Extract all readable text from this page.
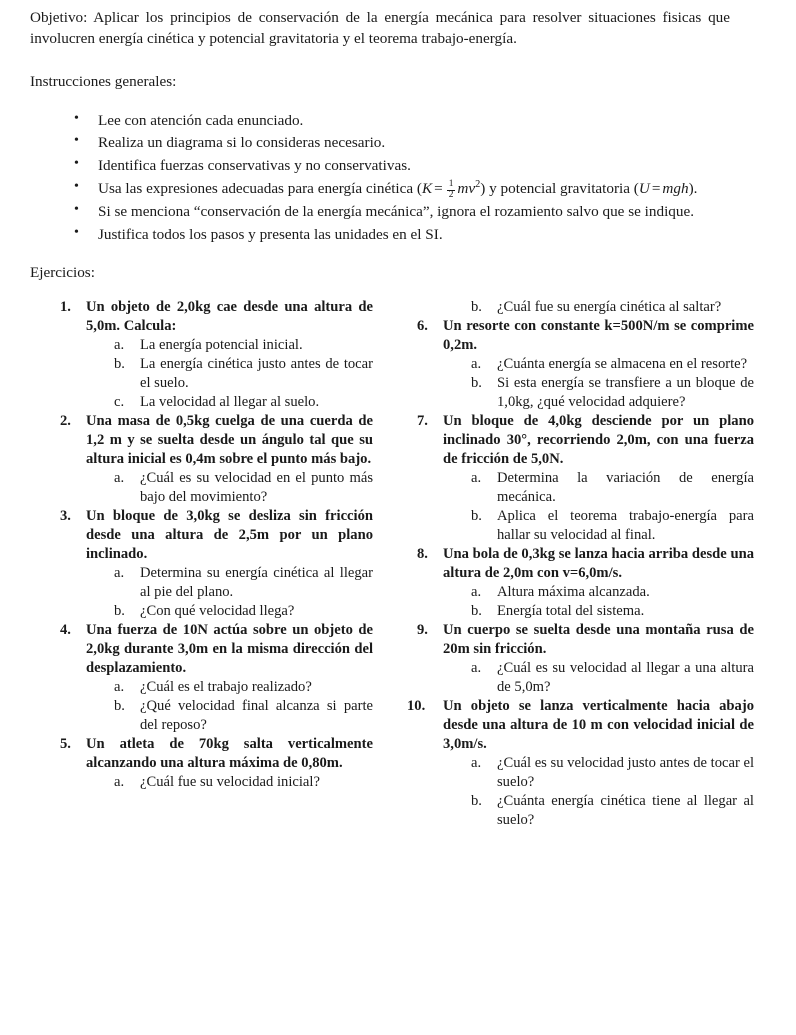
Objetivo: Aplicar los principios de conservación de la energía mecánica para resolver situaciones fisicas que involucren energía cinética y potencial gravitatoria y el teorema trabajo-energía.

Instrucciones generales:

• Lee con atención cada enunciado.
• Realiza un diagrama si lo consideras necesario.
• Identifica fuerzas conservativas y no conservativas.
• Usa las expresiones adecuadas para energía cinética $(K = \frac{1}{2} mv^2)$ y potencial gravitatoria (U = mgh).
• Si se menciona “conservación de la energía mecánica”, ignora el rozamiento salvo que se indique.
• Justifica todos los pasos y presenta las unidades en el SI.

Ejercicios:

1.	Un objeto de 2,0kg cae desde una altura de 5,0m. Calcula:
a.	La energía potencial inicial.
b.	La energía cinética justo antes de tocar el suelo.
c.	La velocidad al llegar al suelo.
2.	Una masa de 0,5kg cuelga de una cuerda de 1,2 m y se suelta desde un ángulo tal que su altura inicial es 0,4m sobre el punto más bajo.
a.	¿Cuál es su velocidad en el punto más bajo del movimiento?
3.	Un bloque de 3,0kg se desliza sin fricción desde una altura de 2,5m por un plano inclinado.
a.	Determina su energía cinética al llegar al pie del plano.
b.	¿Con qué velocidad llega?
4.	Una fuerza de 10N actúa sobre un objeto de 2,0kg durante 3,0m en la misma dirección del desplazamiento.
a.	¿Cuál es el trabajo realizado?
b.	¿Qué velocidad final alcanza si parte del reposo?
5.	Un atleta de 70kg salta verticalmente alcanzando una altura máxima de 0,80m.
a.	¿Cuál fue su velocidad inicial?
b.	¿Cuál fue su energía cinética al saltar?
6.	Un resorte con constante k=500N/m se comprime 0,2m.
a.	¿Cuánta energía se almacena en el resorte?
b.	Si esta energía se transfiere a un bloque de 1,0kg, ¿qué velocidad adquiere?
7.	Un bloque de 4,0kg desciende por un plano inclinado 30°, recorriendo 2,0m, con una fuerza de fricción de 5,0N.
a.	Determina la variación de energía mecánica.
b.	Aplica el teorema trabajo-energía para hallar su velocidad al final.
8.	Una bola de 0,3kg se lanza hacia arriba desde una altura de 2,0m con v=6,0m/s.
a.	Altura máxima alcanzada.
b.	Energía total del sistema.
9.	Un cuerpo se suelta desde una montaña rusa de 20m sin fricción.
a.	¿Cuál es su velocidad al llegar a una altura de 5,0m?
10.	Un objeto se lanza verticalmente hacia abajo desde una altura de 10 m con velocidad inicial de 3,0m/s.
a.	¿Cuál es su velocidad justo antes de tocar el suelo?
b.	¿Cuánta energía cinética tiene al llegar al suelo?
